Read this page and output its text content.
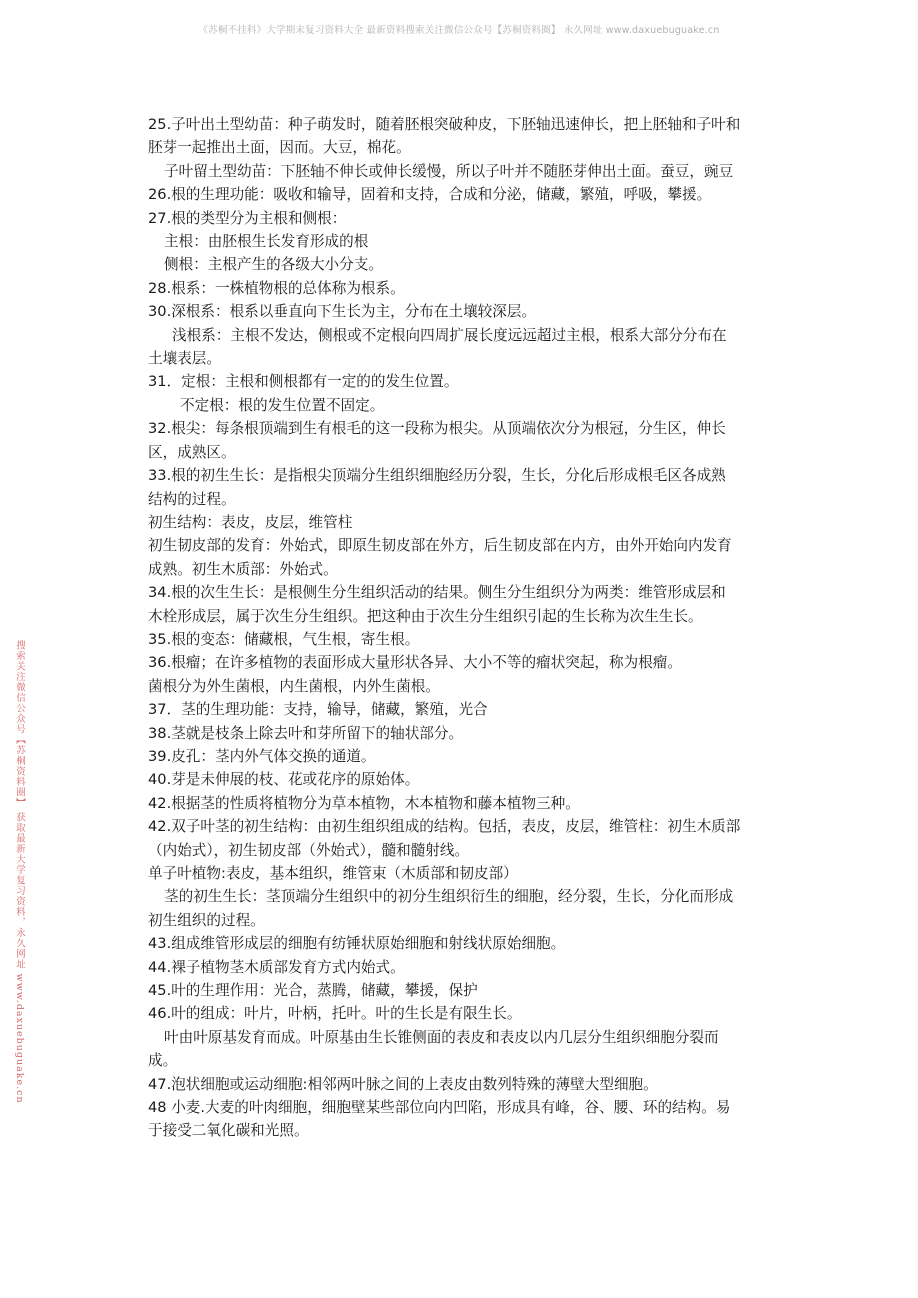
《苏桐不挂科》大学期末复习资料大全 最新资料搜索关注微信公众号【苏桐资料圈】 永久网址 www.daxuebuguake.cn
搜索关注微信公众号【苏桐资料圈】 获取最新大学复习资料，永久网址 www.daxuebuguake.cn
25.子叶出土型幼苗：种子萌发时，随着胚根突破种皮，下胚轴迅速伸长，把上胚轴和子叶和
胚芽一起推出土面，因而。大豆，棉花。
子叶留土型幼苗：下胚轴不伸长或伸长缓慢，所以子叶并不随胚芽伸出土面。蚕豆，豌豆
26.根的生理功能：吸收和输导，固着和支持，合成和分泌，储藏，繁殖，呼吸，攀援。
27.根的类型分为主根和侧根：
主根：由胚根生长发育形成的根
侧根：主根产生的各级大小分支。
28.根系：一株植物根的总体称为根系。
30.深根系：根系以垂直向下生长为主，分布在土壤较深层。
浅根系：主根不发达，侧根或不定根向四周扩展长度远远超过主根，根系大部分分布在
土壤表层。
31．定根：主根和侧根都有一定的的发生位置。
不定根：根的发生位置不固定。
32.根尖：每条根顶端到生有根毛的这一段称为根尖。从顶端依次分为根冠，分生区，伸长
区，成熟区。
33.根的初生生长：是指根尖顶端分生组织细胞经历分裂，生长，分化后形成根毛区各成熟
结构的过程。
初生结构：表皮，皮层，维管柱
初生韧皮部的发育：外始式，即原生韧皮部在外方，后生韧皮部在内方，由外开始向内发育
成熟。初生木质部：外始式。
34.根的次生生长：是根侧生分生组织活动的结果。侧生分生组织分为两类：维管形成层和
木栓形成层，属于次生分生组织。把这种由于次生分生组织引起的生长称为次生生长。
35.根的变态：储藏根，气生根，寄生根。
36.根瘤；在许多植物的表面形成大量形状各异、大小不等的瘤状突起，称为根瘤。
菌根分为外生菌根，内生菌根，内外生菌根。
37．茎的生理功能：支持，输导，储藏，繁殖，光合
38.茎就是枝条上除去叶和芽所留下的轴状部分。
39.皮孔：茎内外气体交换的通道。
40.芽是未伸展的枝、花或花序的原始体。
42.根据茎的性质将植物分为草本植物，木本植物和藤本植物三种。
42.双子叶茎的初生结构：由初生组织组成的结构。包括，表皮，皮层，维管柱：初生木质部
（内始式），初生韧皮部（外始式），髓和髓射线。
单子叶植物:表皮，基本组织，维管束（木质部和韧皮部）
茎的初生生长：茎顶端分生组织中的初分生组织衍生的细胞，经分裂，生长，分化而形成
初生组织的过程。
43.组成维管形成层的细胞有纺锤状原始细胞和射线状原始细胞。
44.裸子植物茎木质部发育方式内始式。
45.叶的生理作用：光合，蒸腾，储藏，攀援，保护
46.叶的组成：叶片，叶柄，托叶。叶的生长是有限生长。
叶由叶原基发育而成。叶原基由生长锥侧面的表皮和表皮以内几层分生组织细胞分裂而
成。
47.泡状细胞或运动细胞:相邻两叶脉之间的上表皮由数列特殊的薄壁大型细胞。
48 小麦.大麦的叶肉细胞，细胞壁某些部位向内凹陷，形成具有峰，谷、腰、环的结构。易
于接受二氧化碳和光照。
